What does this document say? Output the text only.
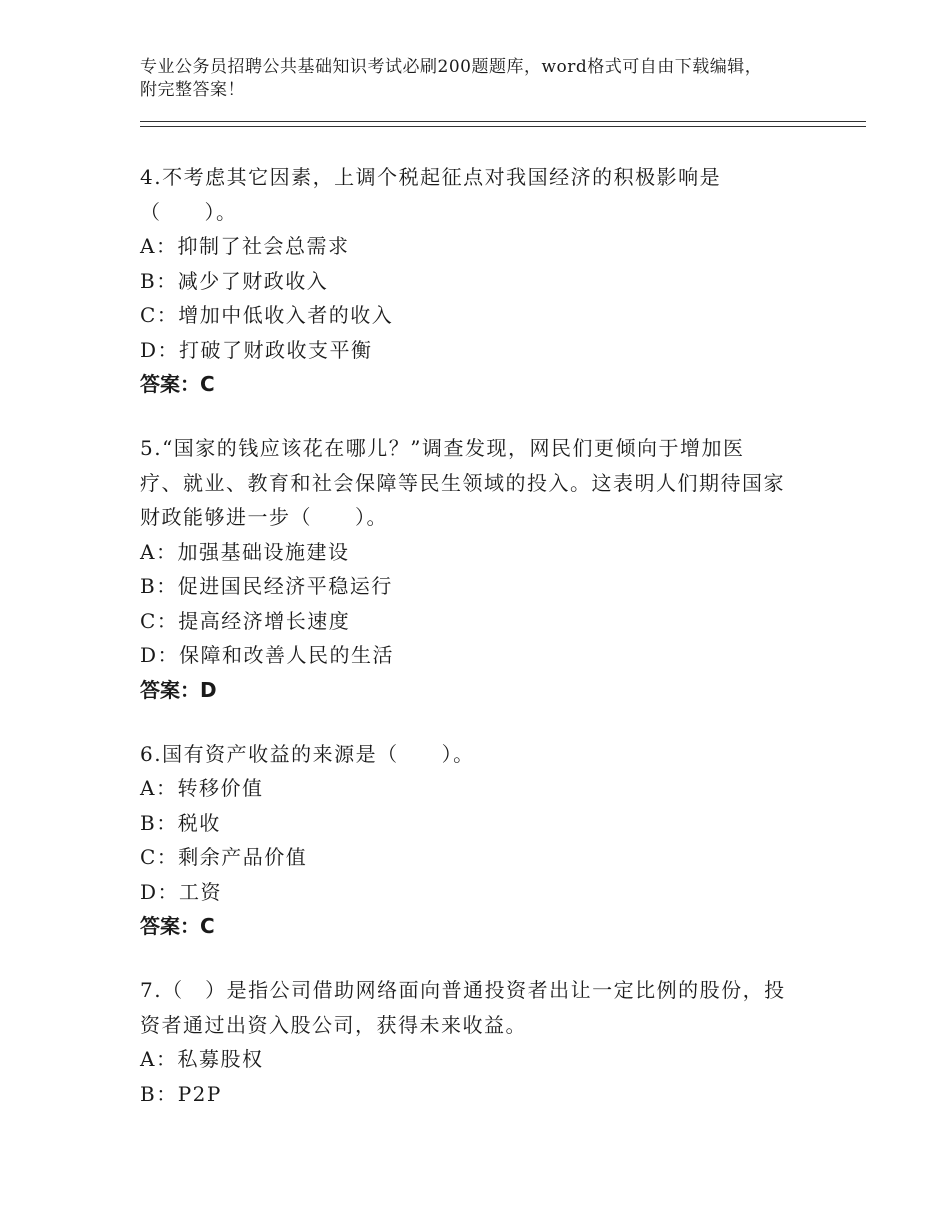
专业公务员招聘公共基础知识考试必刷200题题库，word格式可自由下载编辑，
附完整答案！
4.不考虑其它因素，上调个税起征点对我国经济的积极影响是
（　　）。
A：抑制了社会总需求
B：减少了财政收入
C：增加中低收入者的收入
D：打破了财政收支平衡
答案：C
5.“国家的钱应该花在哪儿？”调查发现，网民们更倾向于增加医
疗、就业、教育和社会保障等民生领域的投入。这表明人们期待国家
财政能够进一步（　　）。
A：加强基础设施建设
B：促进国民经济平稳运行
C：提高经济增长速度
D：保障和改善人民的生活
答案：D
6.国有资产收益的来源是（　　）。
A：转移价值
B：税收
C：剩余产品价值
D：工资
答案：C
7.（　）是指公司借助网络面向普通投资者出让一定比例的股份，投
资者通过出资入股公司，获得未来收益。
A：私募股权
B：P2P
